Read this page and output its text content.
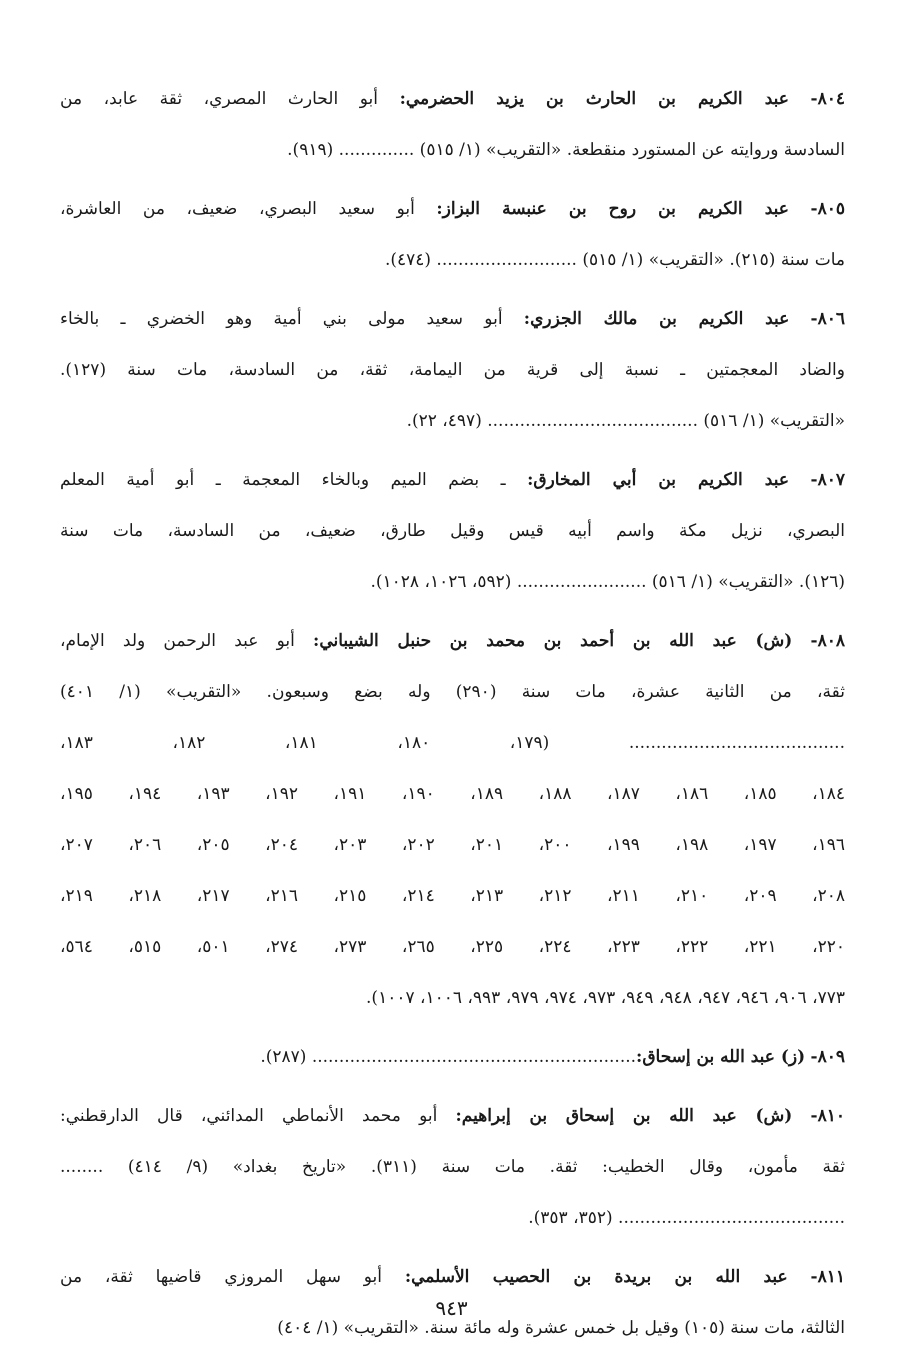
٨٠٤- عبد الكريم بن الحارث بن يزيد الحضرمي: أبو الحارث المصري، ثقة عابد، من
السادسة وروايته عن المستورد منقطعة. «التقريب» (١/ ٥١٥) .............. (٩١٩).
٨٠٥- عبد الكريم بن روح بن عنبسة البزاز: أبو سعيد البصري، ضعيف، من العاشرة،
مات سنة (٢١٥). «التقريب» (١/ ٥١٥) .......................... (٤٧٤).
٨٠٦- عبد الكريم بن مالك الجزري: أبو سعيد مولى بني أمية وهو الخضري ـ بالخاء
والضاد المعجمتين ـ نسبة إلى قرية من اليمامة، ثقة، من السادسة، مات سنة (١٢٧).
«التقريب» (١/ ٥١٦) ....................................... (٤٩٧، ٢٢).
٨٠٧- عبد الكريم بن أبي المخارق: ـ بضم الميم وبالخاء المعجمة ـ أبو أمية المعلم
البصري، نزيل مكة واسم أبيه قيس وقيل طارق، ضعيف، من السادسة، مات سنة
(١٢٦). «التقريب» (١/ ٥١٦) ........................ (٥٩٢، ١٠٢٦، ١٠٢٨).
٨٠٨- (ش) عبد الله بن أحمد بن محمد بن حنبل الشيباني: أبو عبد الرحمن ولد الإمام،
ثقة، من الثانية عشرة، مات سنة (٢٩٠) وله بضع وسبعون. «التقريب» (١/ ٤٠١)
........................................ (١٧٩، ١٨٠، ١٨١، ١٨٢، ١٨٣،
١٨٤، ١٨٥، ١٨٦، ١٨٧، ١٨٨، ١٨٩، ١٩٠، ١٩١، ١٩٢، ١٩٣، ١٩٤، ١٩٥،
١٩٦، ١٩٧، ١٩٨، ١٩٩، ٢٠٠، ٢٠١، ٢٠٢، ٢٠٣، ٢٠٤، ٢٠٥، ٢٠٦، ٢٠٧،
٢٠٨، ٢٠٩، ٢١٠، ٢١١، ٢١٢، ٢١٣، ٢١٤، ٢١٥، ٢١٦، ٢١٧، ٢١٨، ٢١٩،
٢٢٠، ٢٢١، ٢٢٢، ٢٢٣، ٢٢٤، ٢٢٥، ٢٦٥، ٢٧٣، ٢٧٤، ٥٠١، ٥١٥، ٥٦٤،
٧٧٣، ٩٠٦، ٩٤٦، ٩٤٧، ٩٤٨، ٩٤٩، ٩٧٣، ٩٧٤، ٩٧٩، ٩٩٣، ١٠٠٦، ١٠٠٧).
٨٠٩- (ز) عبد الله بن إسحاق:............................................................ (٢٨٧).
٨١٠- (ش) عبد الله بن إسحاق بن إبراهيم: أبو محمد الأنماطي المدائني، قال الدارقطني:
ثقة مأمون، وقال الخطيب: ثقة. مات سنة (٣١١). «تاريخ بغداد» (٩/ ٤١٤) ........
.......................................... (٣٥٢، ٣٥٣).
٨١١- عبد الله بن بريدة بن الحصيب الأسلمي: أبو سهل المروزي قاضيها ثقة، من
الثالثة، مات سنة (١٠٥) وقيل بل خمس عشرة وله مائة سنة. «التقريب» (١/ ٤٠٤)
٩٤٣
